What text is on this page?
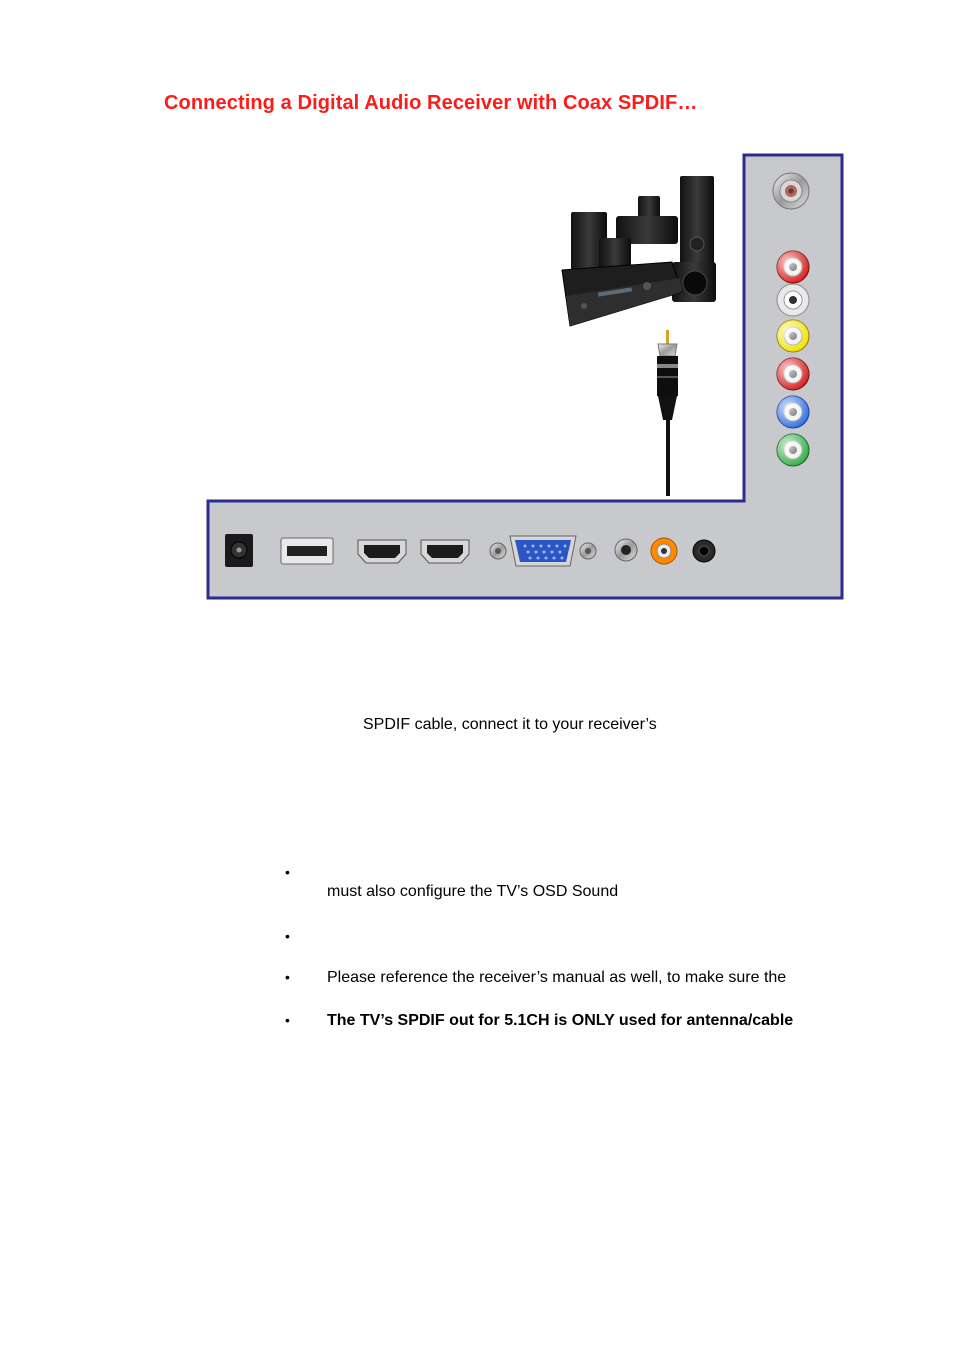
Connecting a Digital Audio Receiver with Coax SPDIF…
SPDIF cable, connect it to your receiver’s
•
must also configure the TV’s OSD Sound
•
• Please reference the receiver’s manual as well, to make sure the
• The TV’s SPDIF out for 5.1CH is ONLY used for antenna/cable
